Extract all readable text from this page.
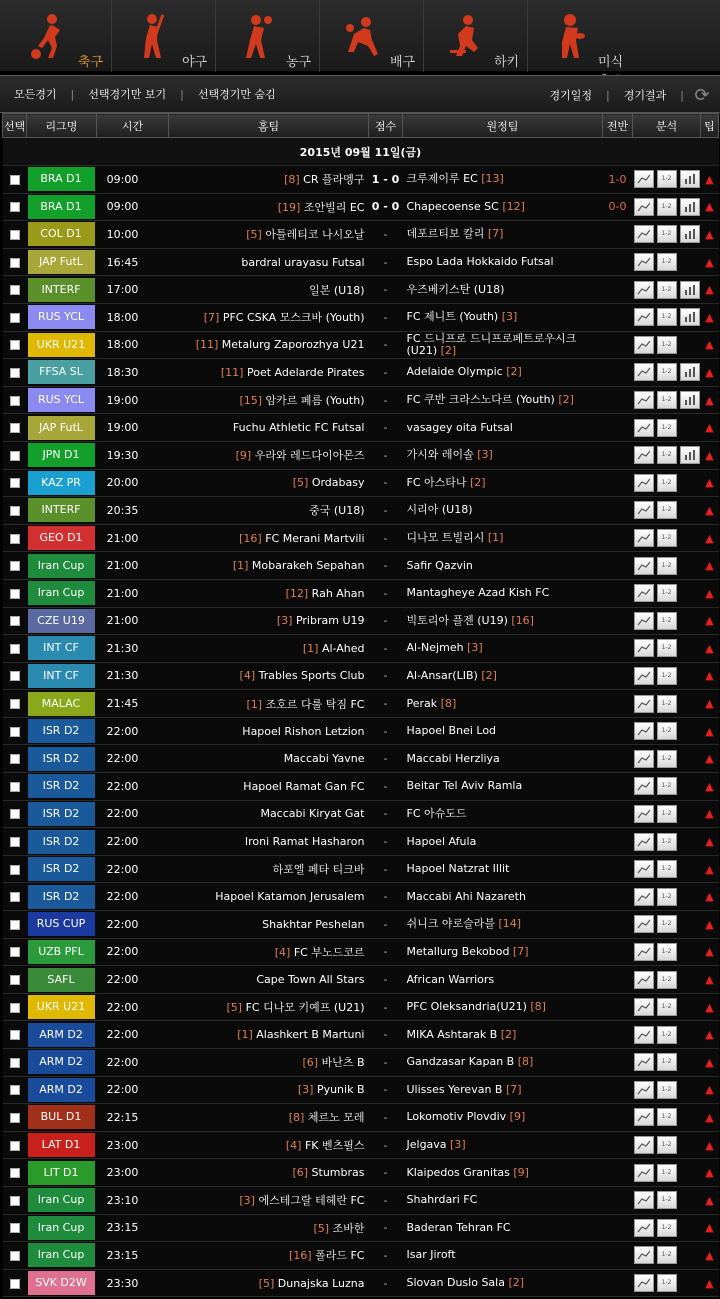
축구	야구	농구	배구	하키	미식
모든경기	|	선택경기만 보기	|	선택경기만 숨김	경기일정	|	경기결과	| ⟳
선택	리그명	시간	홈팀	점수	원정팀	전반	분석	팁
2015년 09월 11일(금)								

	BRA D1	09:00	[8] CR 플라멩구	1 - 0	크루제이루 EC [13]	1-0	1-2	▲

	BRA D1	09:00	[19] 조안빌리 EC	0 - 0	Chapecoense SC [12]	0-0	1-2	▲

	COL D1	10:00	[5] 아틀레티코 나시오날	-	데포르티보 칼리 [7]		1-2	▲

	JAP FutL	16:45	bardral urayasu Futsal	-	Espo Lada Hokkaido Futsal		1-2	▲

	INTERF	17:00	일본 (U18)	-	우즈베키스탄 (U18)		1-2	▲

	RUS YCL	18:00	[7] PFC CSKA 모스크바 (Youth)	-	FC 제니트 (Youth) [3]		1-2	▲

	UKR U21	18:00	[11] Metalurg Zaporozhya U21	-	FC 드니프로 드니프로페트로우시크 (U21) [2]		1-2	▲

	FFSA SL	18:30	[11] Poet Adelarde Pirates	-	Adelaide Olympic [2]		1-2	▲

	RUS YCL	19:00	[15] 암카르 페름 (Youth)	-	FC 쿠반 크라스노다르 (Youth) [2]		1-2	▲

	JAP FutL	19:00	Fuchu Athletic FC Futsal	-	vasagey oita Futsal		1-2	▲

	JPN D1	19:30	[9] 우라와 레드다이아몬즈	-	가시와 레이솔 [3]		1-2	▲

	KAZ PR	20:00	[5] Ordabasy	-	FC 아스타나 [2]		1-2	▲

	INTERF	20:35	중국 (U18)	-	시리아 (U18)		1-2	▲

	GEO D1	21:00	[16] FC Merani Martvili	-	디나모 트빌리시 [1]		1-2	▲

	Iran Cup	21:00	[1] Mobarakeh Sepahan	-	Safir Qazvin		1-2	▲

	Iran Cup	21:00	[12] Rah Ahan	-	Mantagheye Azad Kish FC		1-2	▲

	CZE U19	21:00	[3] Pribram U19	-	빅토리아 플젠 (U19) [16]		1-2	▲

	INT CF	21:30	[1] Al-Ahed	-	Al-Nejmeh [3]		1-2	▲

	INT CF	21:30	[4] Trables Sports Club	-	Al-Ansar(LIB) [2]		1-2	▲

	MALAC	21:45	[1] 조호르 다룰 탁짐 FC	-	Perak [8]		1-2	▲

	ISR D2	22:00	Hapoel Rishon Letzion	-	Hapoel Bnei Lod		1-2	▲

	ISR D2	22:00	Maccabi Yavne	-	Maccabi Herzliya		1-2	▲

	ISR D2	22:00	Hapoel Ramat Gan FC	-	Beitar Tel Aviv Ramla		1-2	▲

	ISR D2	22:00	Maccabi Kiryat Gat	-	FC 아슈도드		1-2	▲

	ISR D2	22:00	Ironi Ramat Hasharon	-	Hapoel Afula		1-2	▲

	ISR D2	22:00	하포엘 페타 티크바	-	Hapoel Natzrat Illit		1-2	▲

	ISR D2	22:00	Hapoel Katamon Jerusalem	-	Maccabi Ahi Nazareth		1-2	▲

	RUS CUP	22:00	Shakhtar Peshelan	-	쉬니크 야로슬라블 [14]		1-2	▲

	UZB PFL	22:00	[4] FC 부노드코르	-	Metallurg Bekobod [7]		1-2	▲

	SAFL	22:00	Cape Town All Stars	-	African Warriors		1-2	▲

	UKR U21	22:00	[5] FC 디나모 키예프 (U21)	-	PFC Oleksandria(U21) [8]		1-2	▲

	ARM D2	22:00	[1] Alashkert B Martuni	-	MIKA Ashtarak B [2]		1-2	▲

	ARM D2	22:00	[6] 바난츠 B	-	Gandzasar Kapan B [8]		1-2	▲

	ARM D2	22:00	[3] Pyunik B	-	Ulisses Yerevan B [7]		1-2	▲

	BUL D1	22:15	[8] 체르노 모레	-	Lokomotiv Plovdiv [9]		1-2	▲

	LAT D1	23:00	[4] FK 벤츠필스	-	Jelgava [3]		1-2	▲

	LIT D1	23:00	[6] Stumbras	-	Klaipedos Granitas [9]		1-2	▲

	Iran Cup	23:10	[3] 에스테그랄 테헤란 FC	-	Shahrdari FC		1-2	▲

	Iran Cup	23:15	[5] 조바한	-	Baderan Tehran FC		1-2	▲

	Iran Cup	23:15	[16] 폴라드 FC	-	Isar Jiroft		1-2	▲

	SVK D2W	23:30	[5] Dunajska Luzna	-	Slovan Duslo Sala [2]		1-2	▲
